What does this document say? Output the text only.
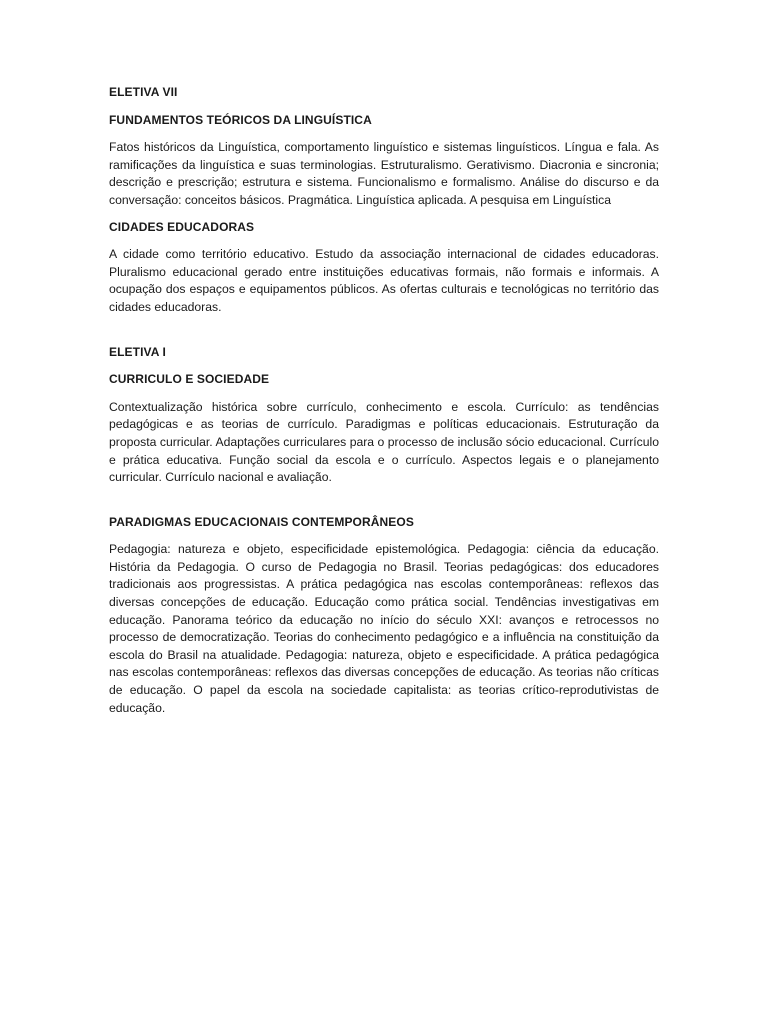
ELETIVA VII

FUNDAMENTOS TEÓRICOS DA LINGUÍSTICA

Fatos históricos da Linguística, comportamento linguístico e sistemas linguísticos. Língua e fala. As ramificações da linguística e suas terminologias. Estruturalismo. Gerativismo. Diacronia e sincronia; descrição e prescrição; estrutura e sistema. Funcionalismo e formalismo. Análise do discurso e da conversação: conceitos básicos. Pragmática. Linguística aplicada. A pesquisa em Linguística

CIDADES EDUCADORAS

A cidade como território educativo. Estudo da associação internacional de cidades educadoras. Pluralismo educacional gerado entre instituições educativas formais, não formais e informais. A ocupação dos espaços e equipamentos públicos. As ofertas culturais e tecnológicas no território das cidades educadoras.

ELETIVA I

CURRICULO E SOCIEDADE

Contextualização histórica sobre currículo, conhecimento e escola. Currículo: as tendências pedagógicas e as teorias de currículo. Paradigmas e políticas educacionais. Estruturação da proposta curricular. Adaptações curriculares para o processo de inclusão sócio educacional. Currículo e prática educativa. Função social da escola e o currículo. Aspectos legais e o planejamento curricular. Currículo nacional e avaliação.

PARADIGMAS EDUCACIONAIS CONTEMPORÂNEOS

Pedagogia: natureza e objeto, especificidade epistemológica. Pedagogia: ciência da educação. História da Pedagogia. O curso de Pedagogia no Brasil. Teorias pedagógicas: dos educadores tradicionais aos progressistas. A prática pedagógica nas escolas contemporâneas: reflexos das diversas concepções de educação. Educação como prática social. Tendências investigativas em educação. Panorama teórico da educação no início do século XXI: avanços e retrocessos no processo de democratização. Teorias do conhecimento pedagógico e a influência na constituição da escola do Brasil na atualidade. Pedagogia: natureza, objeto e especificidade. A prática pedagógica nas escolas contemporâneas: reflexos das diversas concepções de educação. As teorias não críticas de educação. O papel da escola na sociedade capitalista: as teorias crítico-reprodutivistas de educação.
